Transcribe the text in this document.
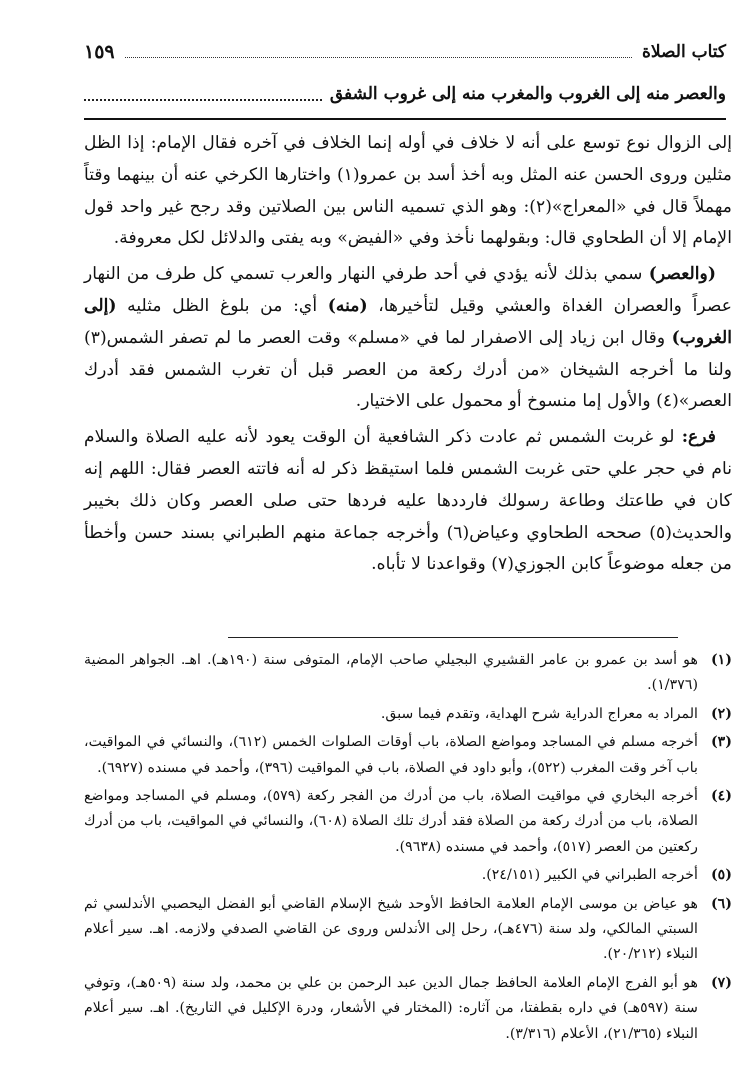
كتاب الصلاة
١٥٩
والعصر منه إلى الغروب والمغرب منه إلى غروب الشفق

إلى الزوال نوع توسع على أنه لا خلاف في أوله إنما الخلاف في آخره فقال الإمام: إذا الظل مثلين وروى الحسن عنه المثل وبه أخذ أسد بن عمرو(١) واختارها الكرخي عنه أن بينهما وقتاً مهملاً قال في «المعراج»(٢): وهو الذي تسميه الناس بين الصلاتين وقد رجح غير واحد قول الإمام إلا أن الطحاوي قال: وبقولهما نأخذ وفي «الفيض» وبه يفتى والدلائل لكل معروفة.

(والعصر) سمي بذلك لأنه يؤدي في أحد طرفي النهار والعرب تسمي كل طرف من النهار عصراً والعصران الغداة والعشي وقيل لتأخيرها، (منه) أي: من بلوغ الظل مثليه (إلى الغروب) وقال ابن زياد إلى الاصفرار لما في «مسلم» وقت العصر ما لم تصفر الشمس(٣) ولنا ما أخرجه الشيخان «من أدرك ركعة من العصر قبل أن تغرب الشمس فقد أدرك العصر»(٤) والأول إما منسوخ أو محمول على الاختيار.

فرع: لو غربت الشمس ثم عادت ذكر الشافعية أن الوقت يعود لأنه عليه الصلاة والسلام نام في حجر علي حتى غربت الشمس فلما استيقظ ذكر له أنه فاتته العصر فقال: اللهم إنه كان في طاعتك وطاعة رسولك فارددها عليه فردها حتى صلى العصر وكان ذلك بخيبر والحديث(٥) صححه الطحاوي وعياض(٦) وأخرجه جماعة منهم الطبراني بسند حسن وأخطأ من جعله موضوعاً كابن الجوزي(٧) وقواعدنا لا تأباه.

(١)
هو أسد بن عمرو بن عامر القشيري البجيلي صاحب الإمام، المتوفى سنة (١٩٠هـ). اهـ. الجواهر المضية (١/٣٧٦).
(٢)
المراد به معراج الدراية شرح الهداية، وتقدم فيما سبق.
(٣)
أخرجه مسلم في المساجد ومواضع الصلاة، باب أوقات الصلوات الخمس (٦١٢)، والنسائي في المواقيت، باب آخر وقت المغرب (٥٢٢)، وأبو داود في الصلاة، باب في المواقيت (٣٩٦)، وأحمد في مسنده (٦٩٢٧).
(٤)
أخرجه البخاري في مواقيت الصلاة، باب من أدرك من الفجر ركعة (٥٧٩)، ومسلم في المساجد ومواضع الصلاة، باب من أدرك ركعة من الصلاة فقد أدرك تلك الصلاة (٦٠٨)، والنسائي في المواقيت، باب من أدرك ركعتين من العصر (٥١٧)، وأحمد في مسنده (٩٦٣٨).
(٥)
أخرجه الطبراني في الكبير (٢٤/١٥١).
(٦)
هو عياض بن موسى الإمام العلامة الحافظ الأوحد شيخ الإسلام القاضي أبو الفضل اليحصبي الأندلسي ثم السبتي المالكي، ولد سنة (٤٧٦هـ)، رحل إلى الأندلس وروى عن القاضي الصدفي ولازمه. اهـ. سير أعلام النبلاء (٢٠/٢١٢).
(٧)
هو أبو الفرج الإمام العلامة الحافظ جمال الدين عبد الرحمن بن علي بن محمد، ولد سنة (٥٠٩هـ)، وتوفي سنة (٥٩٧هـ) في داره بقطفتا، من آثاره: (المختار في الأشعار، ودرة الإكليل في التاريخ). اهـ. سير أعلام النبلاء (٢١/٣٦٥)، الأعلام (٣/٣١٦).
